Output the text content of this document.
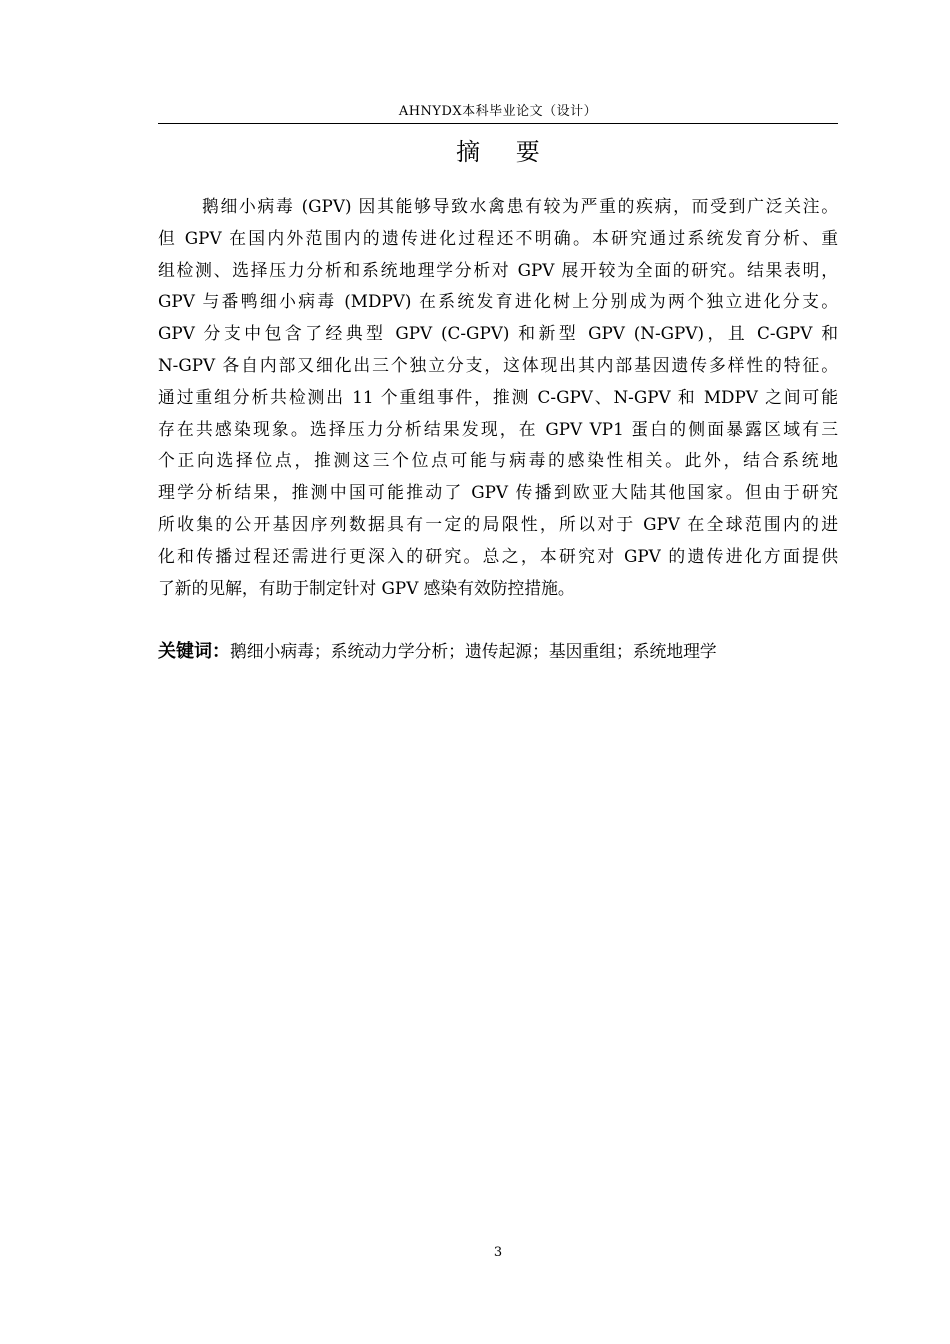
AHNYDX本科毕业论文（设计）
摘 要
鹅细小病毒 (GPV) 因其能够导致水禽患有较为严重的疾病，而受到广泛关注。
但 GPV 在国内外范围内的遗传进化过程还不明确。本研究通过系统发育分析、重
组检测、选择压力分析和系统地理学分析对 GPV 展开较为全面的研究。结果表明，
GPV 与番鸭细小病毒 (MDPV) 在系统发育进化树上分别成为两个独立进化分支。
GPV 分支中包含了经典型 GPV (C-GPV) 和新型 GPV (N-GPV)，且 C-GPV 和
N-GPV 各自内部又细化出三个独立分支，这体现出其内部基因遗传多样性的特征。
通过重组分析共检测出 11 个重组事件，推测 C-GPV、N-GPV 和 MDPV 之间可能
存在共感染现象。选择压力分析结果发现，在 GPV VP1 蛋白的侧面暴露区域有三
个正向选择位点，推测这三个位点可能与病毒的感染性相关。此外，结合系统地
理学分析结果，推测中国可能推动了 GPV 传播到欧亚大陆其他国家。但由于研究
所收集的公开基因序列数据具有一定的局限性，所以对于 GPV 在全球范围内的进
化和传播过程还需进行更深入的研究。总之，本研究对 GPV 的遗传进化方面提供
了新的见解，有助于制定针对 GPV 感染有效防控措施。
关键词：鹅细小病毒；系统动力学分析；遗传起源；基因重组；系统地理学
3
